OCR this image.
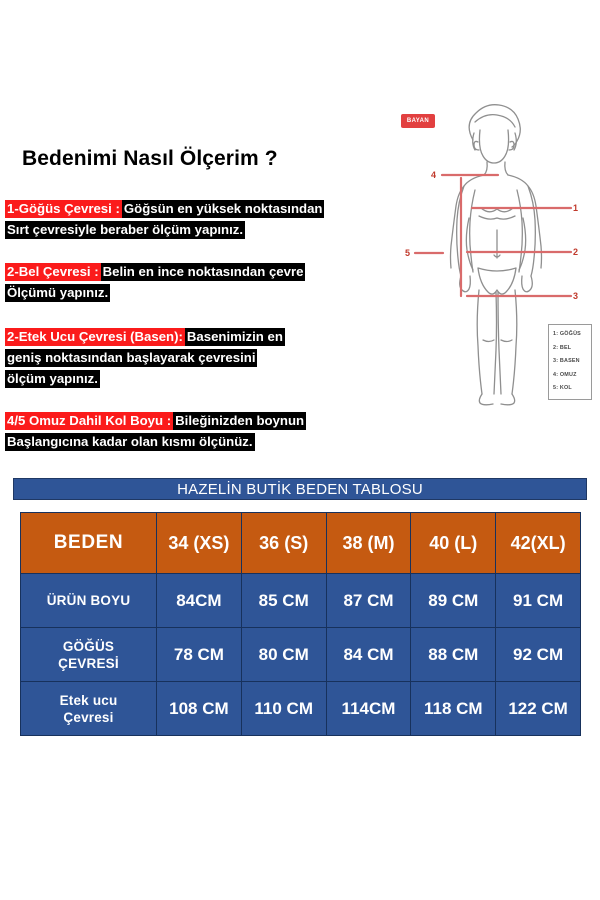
BAYAN
1
2
3
4
5
1: GÖĞÜS
2: BEL
3: BASEN
4: OMUZ
5: KOL
Bedenimi Nasıl Ölçerim ?

1-Göğüs Çevresi : Göğsün en yüksek noktasından

Sırt çevresiyle beraber ölçüm yapınız.

2-Bel Çevresi : Belin en ince noktasından çevre

Ölçümü yapınız.

2-Etek Ucu Çevresi (Basen): Basenimizin en

geniş noktasından başlayarak çevresini

ölçüm yapınız.

4/5 Omuz Dahil Kol Boyu : Bileğinizden boynun

Başlangıcına kadar olan kısmı ölçünüz.

HAZELİN BUTİK BEDEN TABLOSU
BEDEN	34 (XS)	36 (S)	38 (M)	40 (L)	42(XL)
ÜRÜN BOYU	84CM	85 CM	87 CM	89 CM	91 CM
GÖĞÜS
ÇEVRESİ	78 CM	80 CM	84 CM	88 CM	92 CM
Etek ucu
Çevresi	108 CM	110 CM	114CM	118 CM	122 CM
